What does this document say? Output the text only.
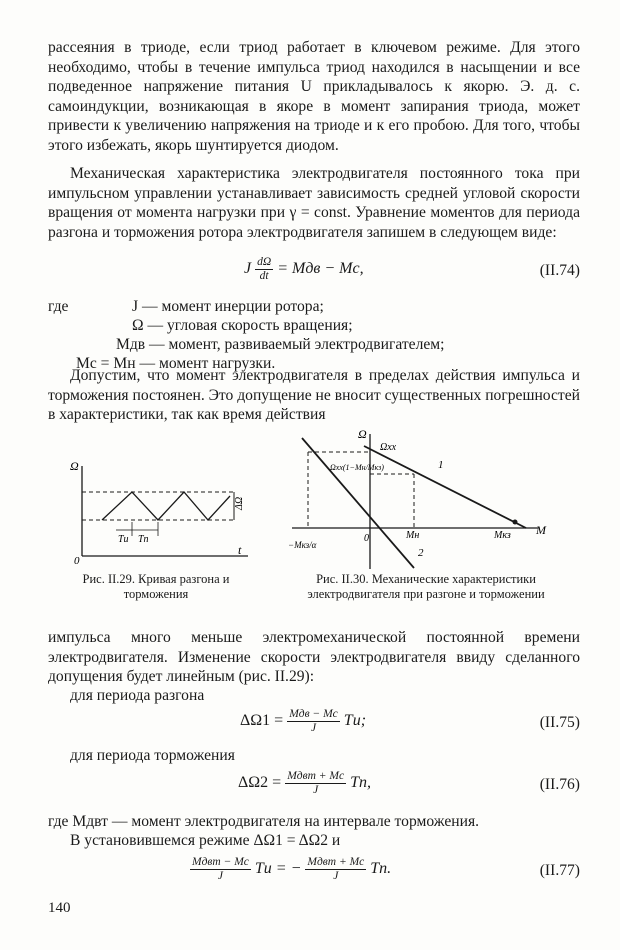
рассеяния в триоде, если триод работает в ключевом режиме. Для этого необходимо, чтобы в течение импульса триод находился в насыщении и все подведенное напряжение питания U прикладывалось к якорю. Э. д. с. самоиндукции, возникающая в якоре в момент запирания триода, может привести к увеличению напряжения на триоде и к его пробою. Для того, чтобы этого избежать, якорь шунтируется диодом.
Механическая характеристика электродвигателя постоянного тока при импульсном управлении устанавливает зависимость средней угловой скорости вращения от момента нагрузки при γ = const. Уравнение моментов для периода разгона и торможения ротора электродвигателя запишем в следующем виде:
J $\frac{d\Omega}{dt}$ = Mдв − Mс,	(II.74)
где	J — момент инерции ротора;
Ω — угловая скорость вращения;
Mдв — момент, развиваемый электродвигателем;
Mс = Mн — момент нагрузки.
Допустим, что момент электродвигателя в пределах действия импульса и торможения постоянен. Это допущение не вносит существенных погрешностей в характеристики, так как время действия
Ω
0
t
Tи Tп
ΔΩ
Рис. II.29. Кривая разгона и торможения
Ω
Ωxx
Ωxx(1−Mн/Mкз)
0	Mн	Mкз M
−Mкз/α
1
2
Рис. II.30. Механические характеристики электродвигателя при разгоне и торможении
импульса много меньше электромеханической постоянной времени электродвигателя. Изменение скорости электродвигателя ввиду сделанного допущения будет линейным (рис. II.29):
для периода разгона
$\Delta\Omega 1 = \frac{\text{Mдв − Mс}}{J}$ Tи;	(II.75)
для периода торможения
$\Delta\Omega 2 = \frac{\text{Mдвт + Mс}}{J}$ Tп,	(II.76)
где Mдвт — момент электродвигателя на интервале торможения.
В установившемся режиме ΔΩ1 = ΔΩ2 и
$\frac{\text{Mдвт − Mс}}{J}$ Tи = − $\frac{\text{Mдвт + Mс}}{J}$ Tп.	(II.77)
140
